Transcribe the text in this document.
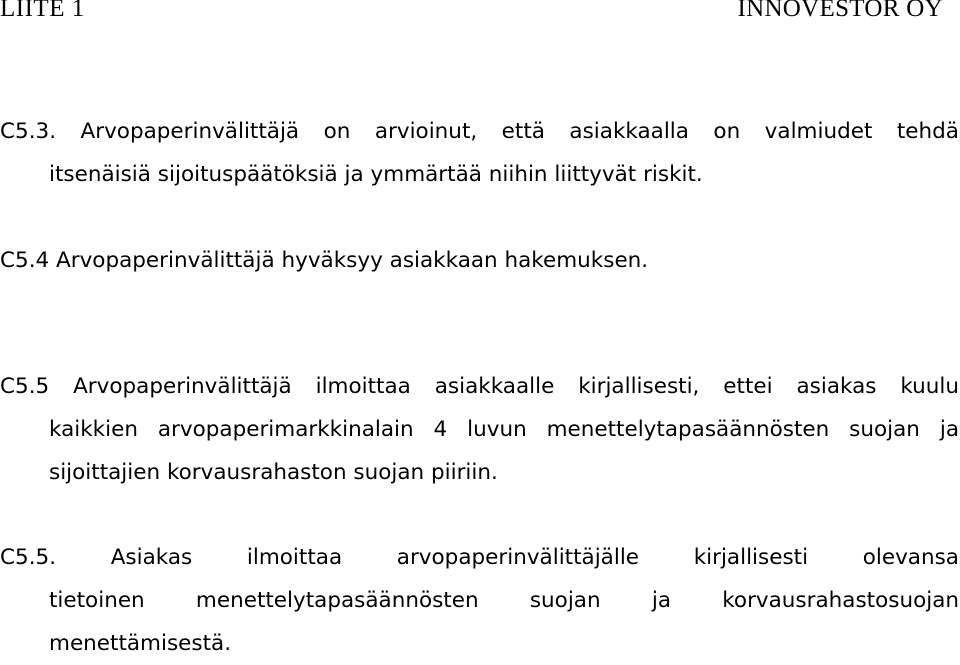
LIITE 1	INNOVESTOR OY
C5.3. Arvopaperinvälittäjä on arvioinut, että asiakkaalla on valmiudet tehdä
itsenäisiä sijoituspäätöksiä ja ymmärtää niihin liittyvät riskit.
C5.4 Arvopaperinvälittäjä hyväksyy asiakkaan hakemuksen.
C5.5 Arvopaperinvälittäjä ilmoittaa asiakkaalle kirjallisesti, ettei asiakas kuulu
kaikkien arvopaperimarkkinalain 4 luvun menettelytapasäännösten suojan ja
sijoittajien korvausrahaston suojan piiriin.
C5.5. Asiakas ilmoittaa arvopaperinvälittäjälle kirjallisesti olevansa
tietoinen menettelytapasäännösten suojan ja korvausrahastosuojan
menettämisestä.
